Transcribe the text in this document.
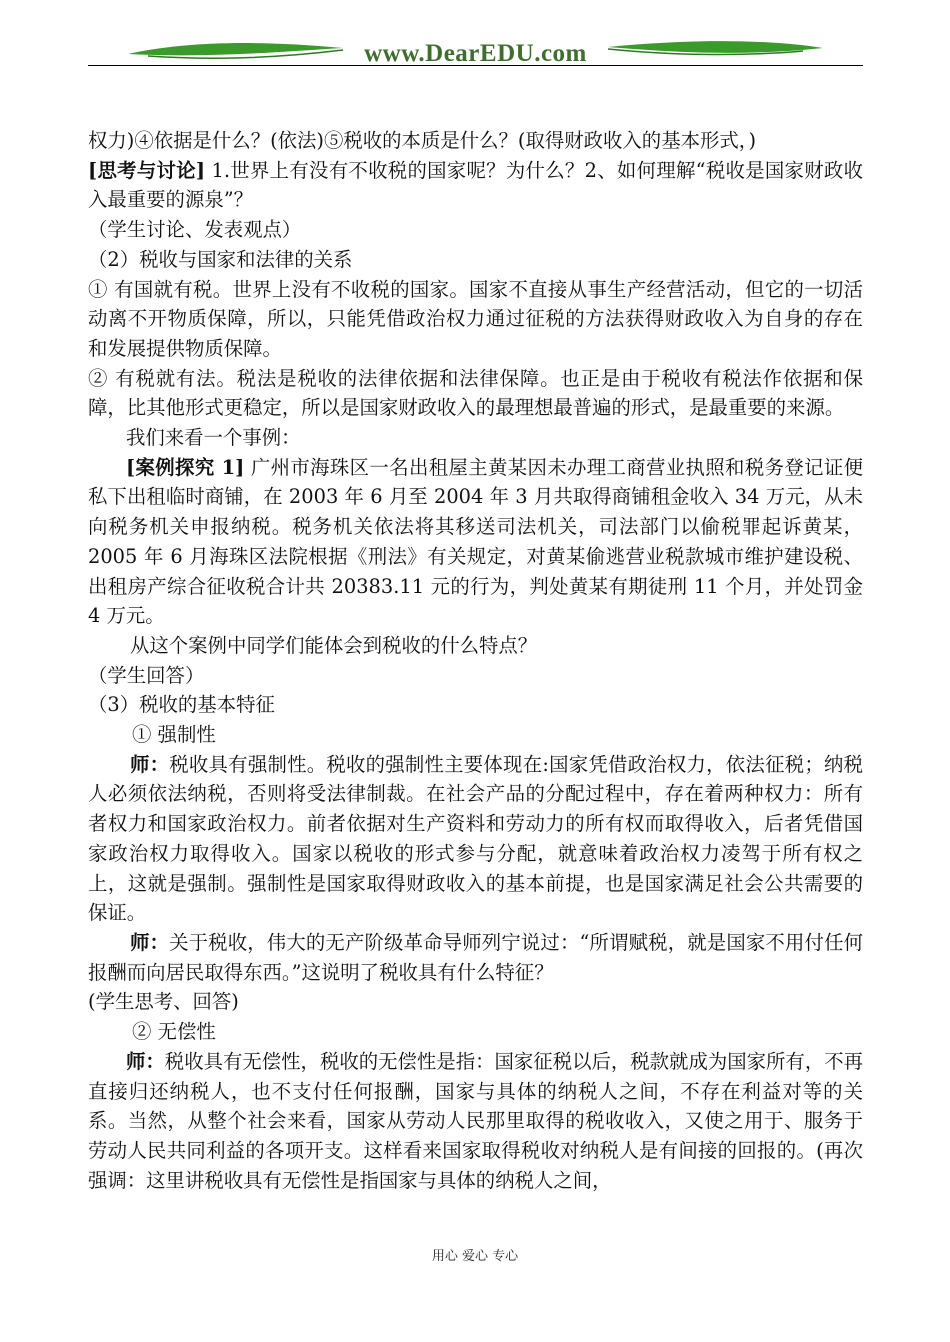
www.DearEDU.com

权力)④依据是什么？(依法)⑤税收的本质是什么？(取得财政收入的基本形式，)

[思考与讨论] 1.世界上有没有不收税的国家呢？为什么？2、如何理解“税收是国家财政收入最重要的源泉”？

（学生讨论、发表观点）

（2）税收与国家和法律的关系

① 有国就有税。世界上没有不收税的国家。国家不直接从事生产经营活动，但它的一切活动离不开物质保障，所以，只能凭借政治权力通过征税的方法获得财政收入为自身的存在和发展提供物质保障。

② 有税就有法。税法是税收的法律依据和法律保障。也正是由于税收有税法作依据和保障，比其他形式更稳定，所以是国家财政收入的最理想最普遍的形式，是最重要的来源。

我们来看一个事例：

[案例探究 1] 广州市海珠区一名出租屋主黄某因未办理工商营业执照和税务登记证便私下出租临时商铺，在 2003 年 6 月至 2004 年 3 月共取得商铺租金收入 34 万元，从未向税务机关申报纳税。税务机关依法将其移送司法机关，司法部门以偷税罪起诉黄某，2005 年 6 月海珠区法院根据《刑法》有关规定，对黄某偷逃营业税款城市维护建设税、出租房产综合征收税合计共 20383.11 元的行为，判处黄某有期徒刑 11 个月，并处罚金 4 万元。

从这个案例中同学们能体会到税收的什么特点？

（学生回答）

（3）税收的基本特征

① 强制性

师：税收具有强制性。税收的强制性主要体现在:国家凭借政治权力，依法征税；纳税人必须依法纳税，否则将受法律制裁。在社会产品的分配过程中，存在着两种权力：所有者权力和国家政治权力。前者依据对生产资料和劳动力的所有权而取得收入，后者凭借国家政治权力取得收入。国家以税收的形式参与分配，就意味着政治权力凌驾于所有权之上，这就是强制。强制性是国家取得财政收入的基本前提，也是国家满足社会公共需要的保证。

师：关于税收，伟大的无产阶级革命导师列宁说过：“所谓赋税，就是国家不用付任何报酬而向居民取得东西。”这说明了税收具有什么特征？

(学生思考、回答)

② 无偿性

师：税收具有无偿性，税收的无偿性是指：国家征税以后，税款就成为国家所有，不再直接归还纳税人，也不支付任何报酬，国家与具体的纳税人之间，不存在利益对等的关系。当然，从整个社会来看，国家从劳动人民那里取得的税收收入，又使之用于、服务于劳动人民共同利益的各项开支。这样看来国家取得税收对纳税人是有间接的回报的。(再次强调：这里讲税收具有无偿性是指国家与具体的纳税人之间，

用心 爱心 专心
